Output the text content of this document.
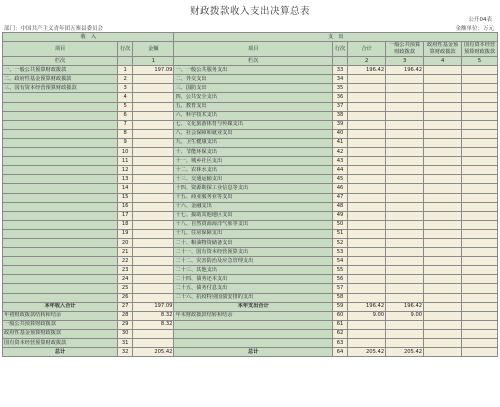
财政拨款收入支出决算总表
公开04表
部门：中国共产主义青年团五寨县委员会	金额单位：万元
收　入			支　出					
项目	行次	金额	项目	行次	合计	一般公共预算财政拨款	政府性基金预算财政拨款	国有资本经营预算财政拨款
栏次		1	栏次		2	3	4	5
一、一般公共预算财政拨款	1	197.09	一、一般公共服务支出	33	196.42	196.42		
二、政府性基金预算财政拨款	2		二、外交支出	34				
三、国有资本经营预算财政拨款	3		三、国防支出	35				
	4		四、公共安全支出	36				
	5		五、教育支出	37				
	6		六、科学技术支出	38				
	7		七、文化旅游体育与传媒支出	39				
	8		八、社会保障和就业支出	40				
	9		九、卫生健康支出	41				
	10		十、节能环保支出	42				
	11		十一、城乡社区支出	43				
	12		十二、农林水支出	44				
	13		十三、交通运输支出	45				
	14		十四、资源勘探工业信息等支出	46				
	15		十五、商业服务业等支出	47				
	16		十六、金融支出	48				
	17		十七、援助其他地区支出	49				
	18		十八、自然资源海洋气象等支出	50				
	19		十九、住房保障支出	51				
	20		二十、粮油物资储备支出	52				
	21		二十一、国有资本经营预算支出	53				
	22		二十二、灾害防治及应急管理支出	54				
	23		二十三、其他支出	55				
	24		二十四、债务还本支出	56				
	25		二十五、债务付息支出	57				
	26		二十六、抗疫特别国债安排的支出	58				
本年收入合计	27	197.09	本年支出合计	59	196.42	196.42		
年初财政拨款结转和结余	28	8.32	年末财政拨款结转和结余	60	9.00	9.00		
一般公共预算财政拨款	29	8.32		61				
政府性基金预算财政拨款	30			62				
国有资本经营预算财政拨款	31			63				
总计	32	205.42	总计	64	205.42	205.42		
